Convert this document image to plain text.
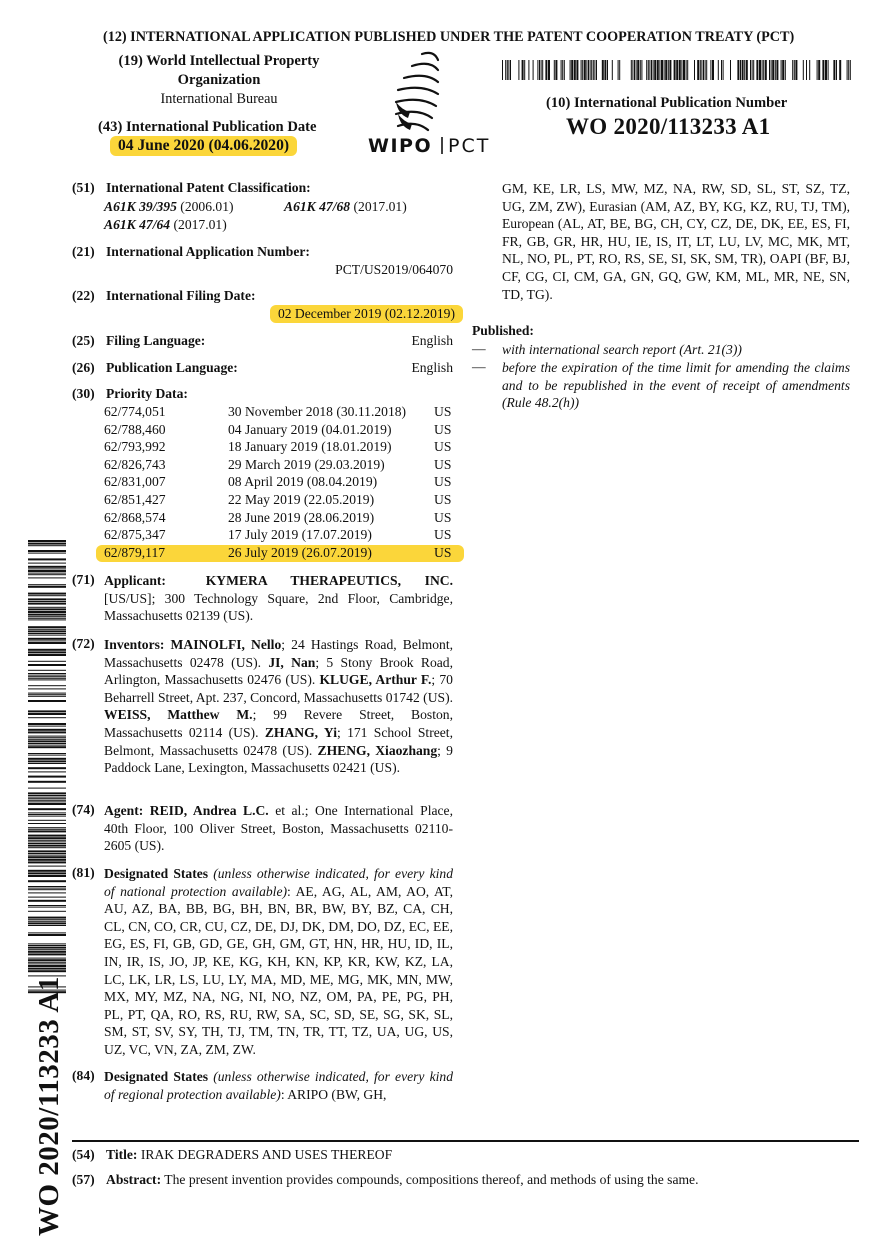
(12) INTERNATIONAL APPLICATION PUBLISHED UNDER THE PATENT COOPERATION TREATY (PCT)
(19) World Intellectual Property
Organization
International Bureau
(43) International Publication Date
04 June 2020 (04.06.2020)	WIPO PCT
(10) International Publication Number
WO 2020/113233 A1
(51) International Patent Classification:
A61K 39/395 (2006.01)	A61K 47/68 (2017.01)
A61K 47/64 (2017.01)
(21) International Application Number:
PCT/US2019/064070
(22) International Filing Date:
02 December 2019 (02.12.2019)
(25) Filing Language:	English
(26) Publication Language:	English
(30) Priority Data:
62/774,051	30 November 2018 (30.11.2018) US
62/788,460	04 January 2019 (04.01.2019)	US
62/793,992	18 January 2019 (18.01.2019)	US
62/826,743	29 March 2019 (29.03.2019)	US
62/831,007	08 April 2019 (08.04.2019)	US
62/851,427	22 May 2019 (22.05.2019)	US
62/868,574	28 June 2019 (28.06.2019)	US
62/875,347	17 July 2019 (17.07.2019)	US
62/879,117	26 July 2019 (26.07.2019)	US
(71) Applicant:	KYMERA THERAPEUTICS, INC. [US/US]; 300 Technology Square, 2nd Floor, Cambridge, Massachusetts 02139 (US).
(72) Inventors: MAINOLFI, Nello; 24 Hastings Road, Belmont, Massachusetts 02478 (US). JI, Nan; 5 Stony Brook Road, Arlington, Massachusetts 02476 (US). KLUGE, Arthur F.; 70 Beharrell Street, Apt. 237, Concord, Massachusetts 01742 (US). WEISS, Matthew M.; 99 Revere Street, Boston, Massachusetts 02114 (US). ZHANG, Yi; 171 School Street, Belmont, Massachusetts 02478 (US). ZHENG, Xiaozhang; 9 Paddock Lane, Lexington, Massachusetts 02421 (US).
(74) Agent: REID, Andrea L.C. et al.; One International Place, 40th Floor, 100 Oliver Street, Boston, Massachusetts 02110-2605 (US).
(81) Designated States (unless otherwise indicated, for every kind of national protection available): AE, AG, AL, AM, AO, AT, AU, AZ, BA, BB, BG, BH, BN, BR, BW, BY, BZ, CA, CH, CL, CN, CO, CR, CU, CZ, DE, DJ, DK, DM, DO, DZ, EC, EE, EG, ES, FI, GB, GD, GE, GH, GM, GT, HN, HR, HU, ID, IL, IN, IR, IS, JO, JP, KE, KG, KH, KN, KP, KR, KW, KZ, LA, LC, LK, LR, LS, LU, LY, MA, MD, ME, MG, MK, MN, MW, MX, MY, MZ, NA, NG, NI, NO, NZ, OM, PA, PE, PG, PH, PL, PT, QA, RO, RS, RU, RW, SA, SC, SD, SE, SG, SK, SL, SM, ST, SV, SY, TH, TJ, TM, TN, TR, TT, TZ, UA, UG, US, UZ, VC, VN, ZA, ZM, ZW.
(84) Designated States (unless otherwise indicated, for every kind of regional protection available): ARIPO (BW, GH,
GM, KE, LR, LS, MW, MZ, NA, RW, SD, SL, ST, SZ, TZ, UG, ZM, ZW), Eurasian (AM, AZ, BY, KG, KZ, RU, TJ, TM), European (AL, AT, BE, BG, CH, CY, CZ, DE, DK, EE, ES, FI, FR, GB, GR, HR, HU, IE, IS, IT, LT, LU, LV, MC, MK, MT, NL, NO, PL, PT, RO, RS, SE, SI, SK, SM, TR), OAPI (BF, BJ, CF, CG, CI, CM, GA, GN, GQ, GW, KM, ML, MR, NE, SN, TD, TG).
Published:
— with international search report (Art. 21(3))
— before the expiration of the time limit for amending the claims and to be republished in the event of receipt of amendments (Rule 48.2(h))
WO 2020/113233 A1 (54) Title: IRAK DEGRADERS AND USES THEREOF
(57) Abstract: The present invention provides compounds, compositions thereof, and methods of using the same.
